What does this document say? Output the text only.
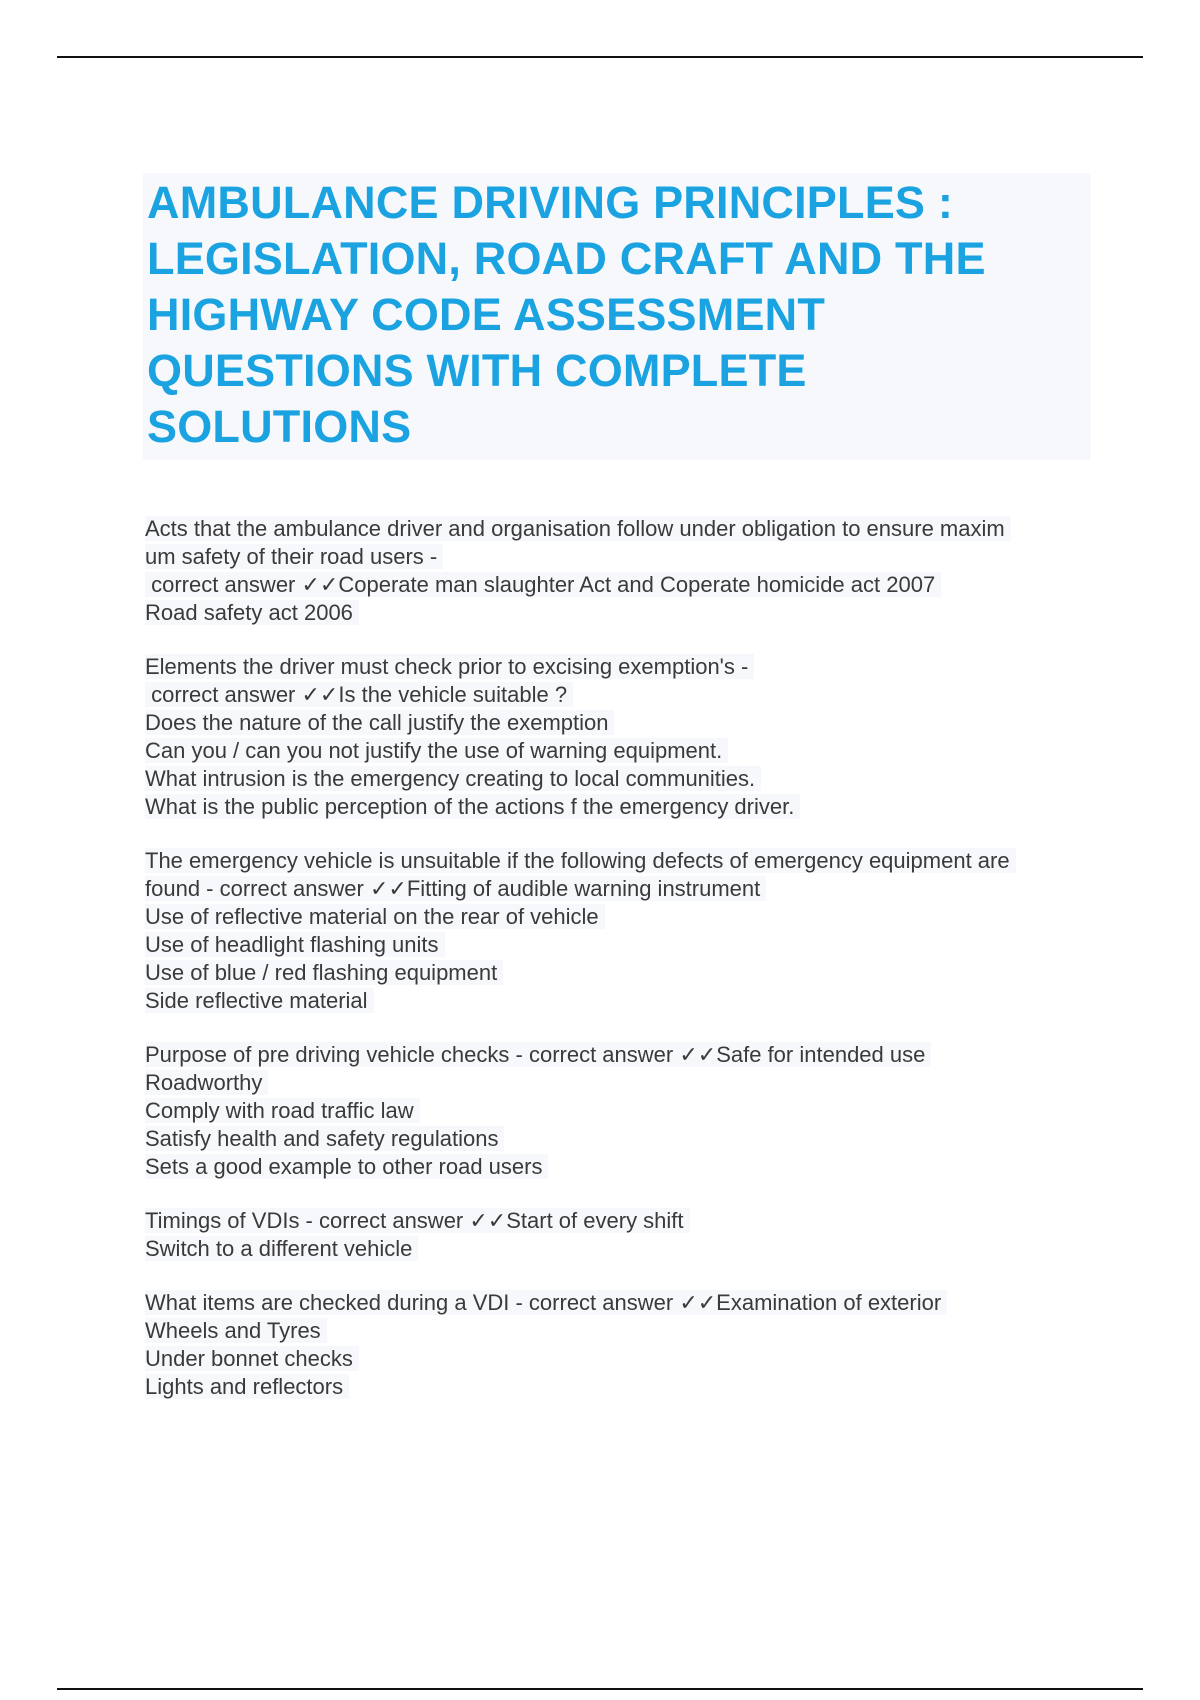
AMBULANCE DRIVING PRINCIPLES :
LEGISLATION, ROAD CRAFT AND THE
HIGHWAY CODE ASSESSMENT
QUESTIONS WITH COMPLETE
SOLUTIONS
Acts that the ambulance driver and organisation follow under obligation to ensure maxim
um safety of their road users -
correct answer ✓✓Coperate man slaughter Act and Coperate homicide act 2007
Road safety act 2006
Elements the driver must check prior to excising exemption's -
correct answer ✓✓Is the vehicle suitable ?
Does the nature of the call justify the exemption
Can you / can you not justify the use of warning equipment.
What intrusion is the emergency creating to local communities.
What is the public perception of the actions f the emergency driver.
The emergency vehicle is unsuitable if the following defects of emergency equipment are
found - correct answer ✓✓Fitting of audible warning instrument
Use of reflective material on the rear of vehicle
Use of headlight flashing units
Use of blue / red flashing equipment
Side reflective material
Purpose of pre driving vehicle checks - correct answer ✓✓Safe for intended use
Roadworthy
Comply with road traffic law
Satisfy health and safety regulations
Sets a good example to other road users
Timings of VDIs - correct answer ✓✓Start of every shift
Switch to a different vehicle
What items are checked during a VDI - correct answer ✓✓Examination of exterior
Wheels and Tyres
Under bonnet checks
Lights and reflectors
